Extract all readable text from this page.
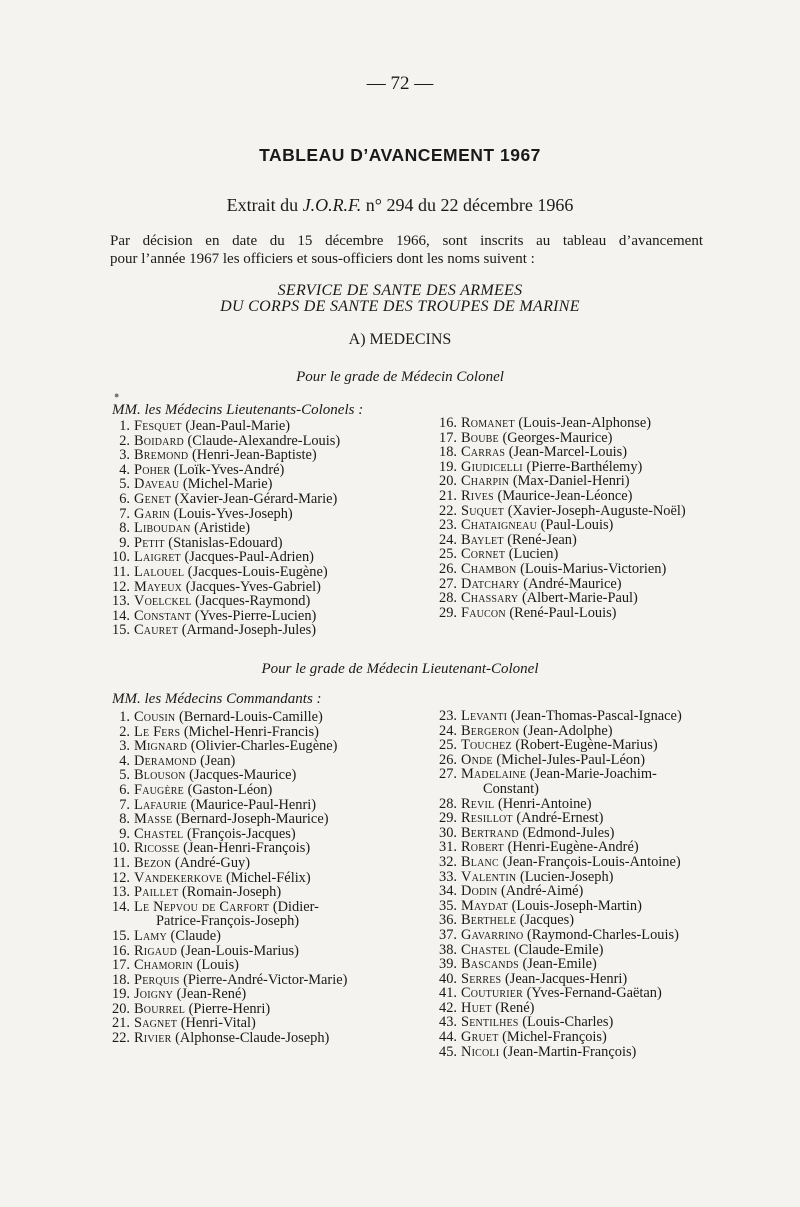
— 72 —
TABLEAU D’AVANCEMENT 1967
Extrait du J.O.R.F. n° 294 du 22 décembre 1966
Par décision en date du 15 décembre 1966, sont inscrits au tableau d’avancement
pour l’année 1967 les officiers et sous-officiers dont les noms suivent :
SERVICE DE SANTE DES ARMEES
DU CORPS DE SANTE DES TROUPES DE MARINE
A) MEDECINS
Pour le grade de Médecin Colonel
●
MM. les Médecins Lieutenants-Colonels :
1. Fesquet (Jean-Paul-Marie)
2. Boidard (Claude-Alexandre-Louis)
3. Bremond (Henri-Jean-Baptiste)
4. Poher (Loïk-Yves-André)
5. Daveau (Michel-Marie)
6. Genet (Xavier-Jean-Gérard-Marie)
7. Garin (Louis-Yves-Joseph)
8. Liboudan (Aristide)
9. Petit (Stanislas-Edouard)
10. Laigret (Jacques-Paul-Adrien)
11. Lalouel (Jacques-Louis-Eugène)
12. Mayeux (Jacques-Yves-Gabriel)
13. Voelckel (Jacques-Raymond)
14. Constant (Yves-Pierre-Lucien)
15. Cauret (Armand-Joseph-Jules)
16. Romanet (Louis-Jean-Alphonse)
17. Boube (Georges-Maurice)
18. Carras (Jean-Marcel-Louis)
19. Giudicelli (Pierre-Barthélemy)
20. Charpin (Max-Daniel-Henri)
21. Rives (Maurice-Jean-Léonce)
22. Suquet (Xavier-Joseph-Auguste-Noël)
23. Chataigneau (Paul-Louis)
24. Baylet (René-Jean)
25. Cornet (Lucien)
26. Chambon (Louis-Marius-Victorien)
27. Datchary (André-Maurice)
28. Chassary (Albert-Marie-Paul)
29. Faucon (René-Paul-Louis)
Pour le grade de Médecin Lieutenant-Colonel
MM. les Médecins Commandants :
1. Cousin (Bernard-Louis-Camille)
2. Le Fers (Michel-Henri-Francis)
3. Mignard (Olivier-Charles-Eugène)
4. Deramond (Jean)
5. Blouson (Jacques-Maurice)
6. Faugère (Gaston-Léon)
7. Lafaurie (Maurice-Paul-Henri)
8. Masse (Bernard-Joseph-Maurice)
9. Chastel (François-Jacques)
10. Ricosse (Jean-Henri-François)
11. Bezon (André-Guy)
12. Vandekerkove (Michel-Félix)
13. Paillet (Romain-Joseph)
14. Le Nepvou de Carfort (Didier-
Patrice-François-Joseph)
15. Lamy (Claude)
16. Rigaud (Jean-Louis-Marius)
17. Chamorin (Louis)
18. Perquis (Pierre-André-Victor-Marie)
19. Joigny (Jean-René)
20. Bourrel (Pierre-Henri)
21. Sagnet (Henri-Vital)
22. Rivier (Alphonse-Claude-Joseph)
23. Levanti (Jean-Thomas-Pascal-Ignace)
24. Bergeron (Jean-Adolphe)
25. Touchez (Robert-Eugène-Marius)
26. Onde (Michel-Jules-Paul-Léon)
27. Madelaine (Jean-Marie-Joachim-
Constant)
28. Revil (Henri-Antoine)
29. Resillot (André-Ernest)
30. Bertrand (Edmond-Jules)
31. Robert (Henri-Eugène-André)
32. Blanc (Jean-François-Louis-Antoine)
33. Valentin (Lucien-Joseph)
34. Dodin (André-Aimé)
35. Maydat (Louis-Joseph-Martin)
36. Berthele (Jacques)
37. Gavarrino (Raymond-Charles-Louis)
38. Chastel (Claude-Emile)
39. Bascands (Jean-Emile)
40. Serres (Jean-Jacques-Henri)
41. Couturier (Yves-Fernand-Gaëtan)
42. Huet (René)
43. Sentilhes (Louis-Charles)
44. Gruet (Michel-François)
45. Nicoli (Jean-Martin-François)
